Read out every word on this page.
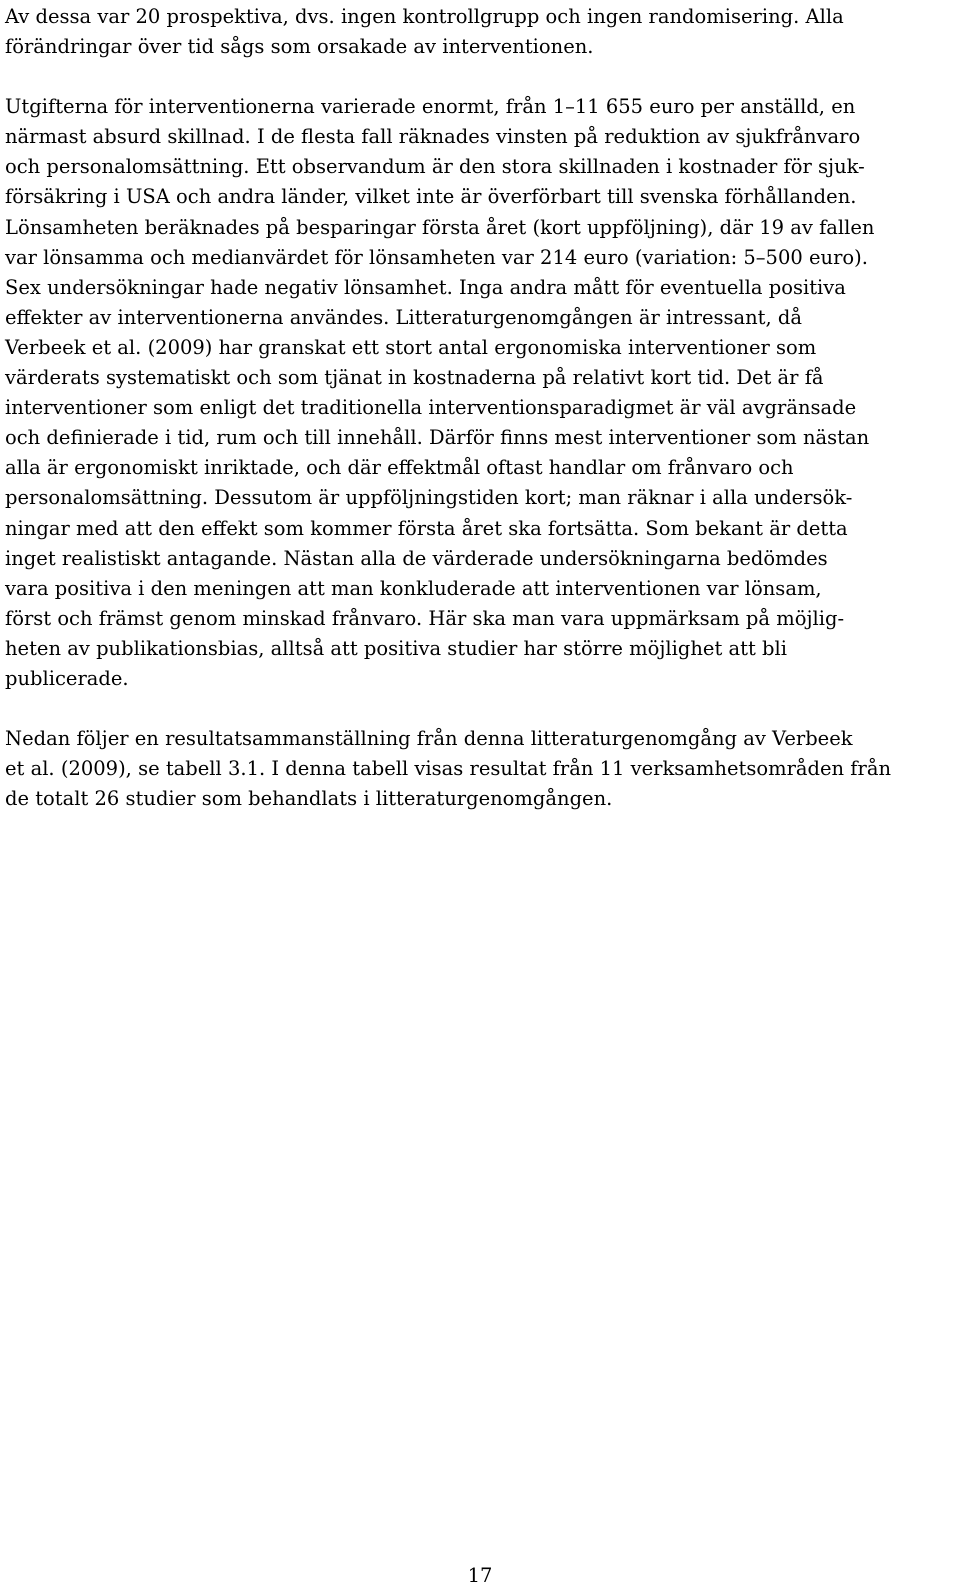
Av dessa var 20 prospektiva, dvs. ingen kontrollgrupp och ingen randomisering. Alla
förändringar över tid sågs som orsakade av interventionen.

Utgifterna för interventionerna varierade enormt, från 1–11 655 euro per anställd, en
närmast absurd skillnad. I de flesta fall räknades vinsten på reduktion av sjukfrånvaro
och personalomsättning. Ett observandum är den stora skillnaden i kostnader för sjuk-
försäkring i USA och andra länder, vilket inte är överförbart till svenska förhållanden.
Lönsamheten beräknades på besparingar första året (kort uppföljning), där 19 av fallen
var lönsamma och medianvärdet för lönsamheten var 214 euro (variation: 5–500 euro).
Sex undersökningar hade negativ lönsamhet. Inga andra mått för eventuella positiva
effekter av interventionerna användes. Litteraturgenomgången är intressant, då
Verbeek et al. (2009) har granskat ett stort antal ergonomiska interventioner som
värderats systematiskt och som tjänat in kostnaderna på relativt kort tid. Det är få
interventioner som enligt det traditionella interventionsparadigmet är väl avgränsade
och definierade i tid, rum och till innehåll. Därför finns mest interventioner som nästan
alla är ergonomiskt inriktade, och där effektmål oftast handlar om frånvaro och
personalomsättning. Dessutom är uppföljningstiden kort; man räknar i alla undersök-
ningar med att den effekt som kommer första året ska fortsätta. Som bekant är detta
inget realistiskt antagande. Nästan alla de värderade undersökningarna bedömdes
vara positiva i den meningen att man konkluderade att interventionen var lönsam,
först och främst genom minskad frånvaro. Här ska man vara uppmärksam på möjlig-
heten av publikationsbias, alltså att positiva studier har större möjlighet att bli
publicerade.

Nedan följer en resultatsammanställning från denna litteraturgenomgång av Verbeek
et al. (2009), se tabell 3.1. I denna tabell visas resultat från 11 verksamhetsområden från
de totalt 26 studier som behandlats i litteraturgenomgången.

17
